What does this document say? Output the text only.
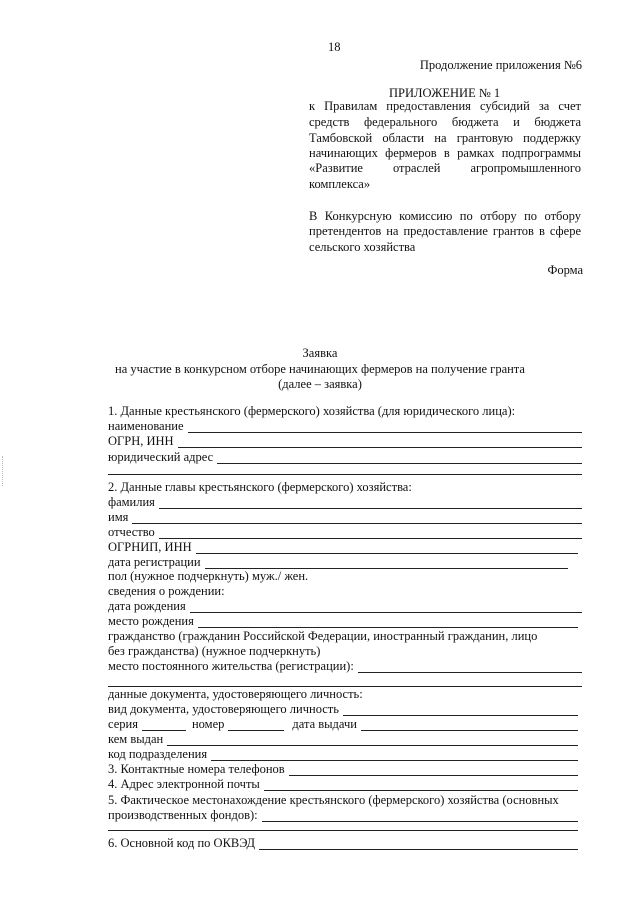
18
Продолжение приложения №6
ПРИЛОЖЕНИЕ № 1
к Правилам предоставления субсидий за счет
средств федерального бюджета и бюджета
Тамбовской области на грантовую поддержку
начинающих фермеров в рамках подпрограммы
«Развитие отраслей агропромышленного
комплекса»
В Конкурсную комиссию по отбору по отбору
претендентов на предоставление грантов в сфере
сельского хозяйства
Форма
Заявка
на участие в конкурсном отборе начинающих фермеров на получение гранта
(далее – заявка)
1. Данные крестьянского (фермерского) хозяйства (для юридического лица):
наименование
ОГРН, ИНН
юридический адрес
2. Данные главы крестьянского (фермерского) хозяйства:
фамилия
имя
отчество
ОГРНИП, ИНН
дата регистрации
пол (нужное подчеркнуть) муж./ жен.
сведения о рождении:
дата рождения
место рождения
гражданство (гражданин Российской Федерации, иностранный гражданин, лицо
без гражданства) (нужное подчеркнуть)
место постоянного жительства (регистрации):
данные документа, удостоверяющего личность:
вид документа, удостоверяющего личность
серия	номер	дата выдачи
кем выдан
код подразделения
3. Контактные номера телефонов
4. Адрес электронной почты
5. Фактическое местонахождение крестьянского (фермерского) хозяйства (основных
производственных фондов):
6. Основной код по ОКВЭД
